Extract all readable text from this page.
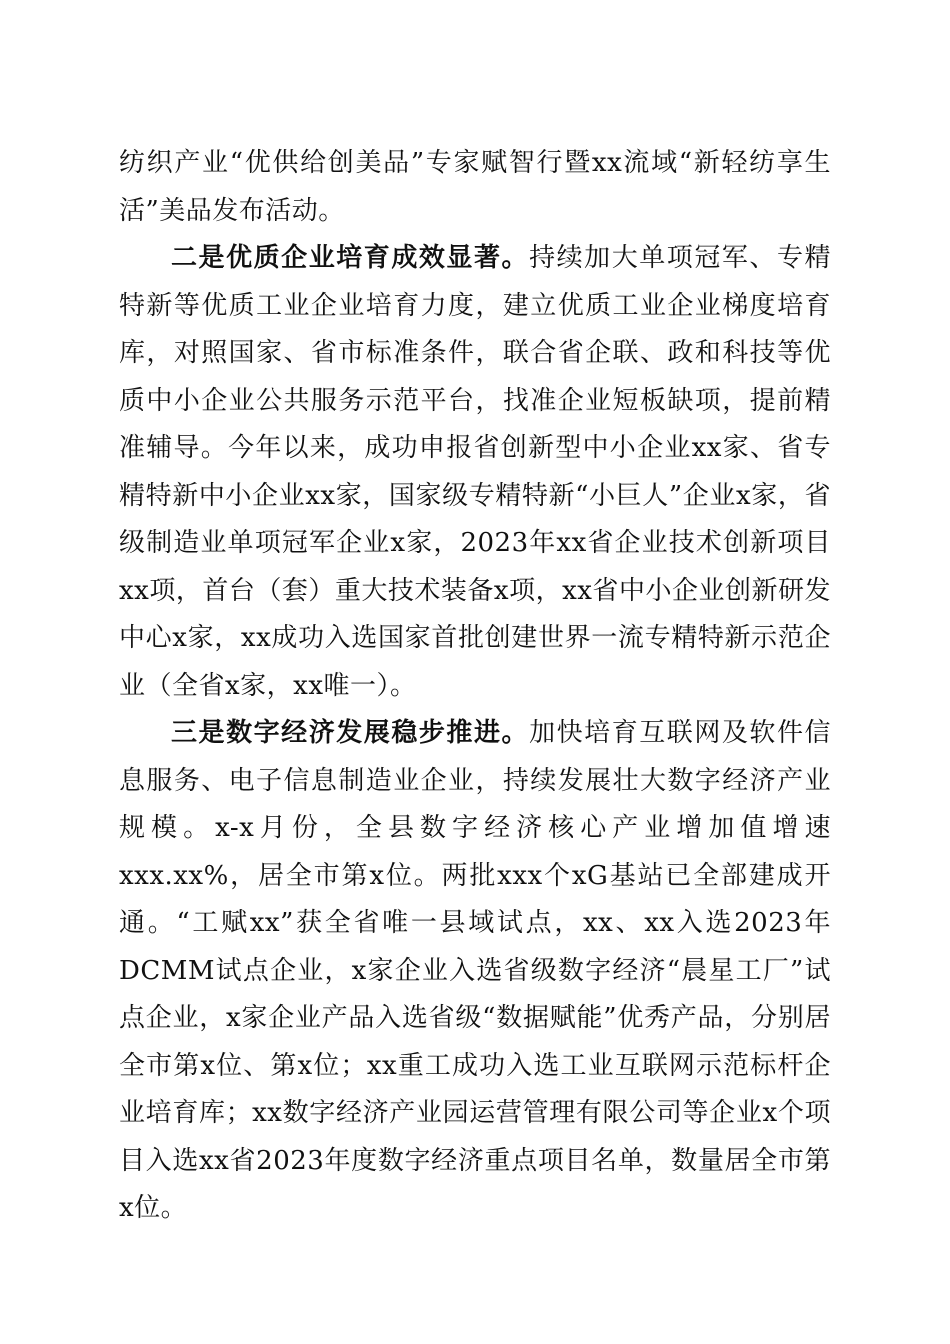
纺织产业“优供给创美品”专家赋智行暨xx流域“新轻纺享生活”美品发布活动。

二是优质企业培育成效显著。持续加大单项冠军、专精特新等优质工业企业培育力度，建立优质工业企业梯度培育库，对照国家、省市标准条件，联合省企联、政和科技等优质中小企业公共服务示范平台，找准企业短板缺项，提前精准辅导。今年以来，成功申报省创新型中小企业xx家、省专精特新中小企业xx家，国家级专精特新“小巨人”企业x家，省级制造业单项冠军企业x家，2023年xx省企业技术创新项目xx项，首台（套）重大技术装备x项，xx省中小企业创新研发中心x家，xx成功入选国家首批创建世界一流专精特新示范企业（全省x家，xx唯一）。

三是数字经济发展稳步推进。加快培育互联网及软件信息服务、电子信息制造业企业，持续发展壮大数字经济产业规模。x-x月份，全县数字经济核心产业增加值增速xxx.xx%，居全市第x位。两批xxx个xG基站已全部建成开通。“工赋xx”获全省唯一县域试点，xx、xx入选2023年DCMM试点企业，x家企业入选省级数字经济“晨星工厂”试点企业，x家企业产品入选省级“数据赋能”优秀产品，分别居全市第x位、第x位；xx重工成功入选工业互联网示范标杆企业培育库；xx数字经济产业园运营管理有限公司等企业x个项目入选xx省2023年度数字经济重点项目名单，数量居全市第x位。
